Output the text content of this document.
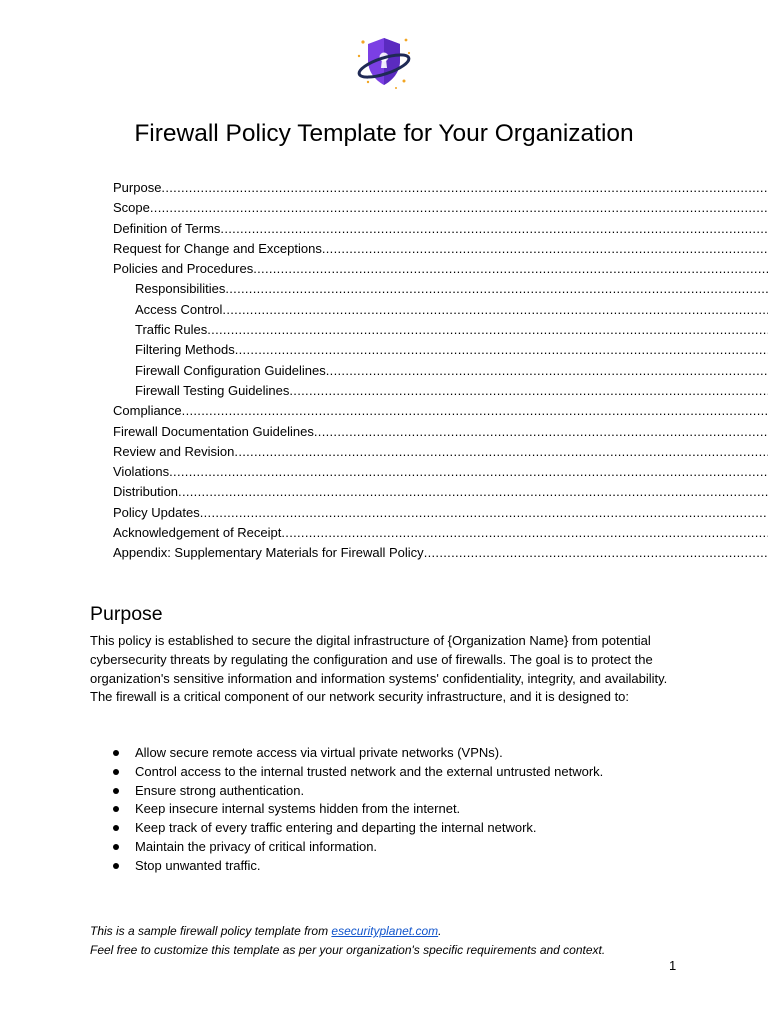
Firewall Policy Template for Your Organization
Purpose .....
Scope .....
Definition of Terms .....
Request for Change and Exceptions .....
Policies and Procedures .....
Responsibilities .....
Access Control .....
Traffic Rules .....
Filtering Methods .....
Firewall Configuration Guidelines .....
Firewall Testing Guidelines .....
Compliance .....
Firewall Documentation Guidelines .....
Review and Revision .....
Violations .....
Distribution .....
Policy Updates .....
Acknowledgement of Receipt .....
Appendix: Supplementary Materials for Firewall Policy .....
Purpose
This policy is established to secure the digital infrastructure of {Organization Name} from potential cybersecurity threats by regulating the configuration and use of firewalls. The goal is to protect the organization's sensitive information and information systems' confidentiality, integrity, and availability. The firewall is a critical component of our network security infrastructure, and it is designed to:
Allow secure remote access via virtual private networks (VPNs).
Control access to the internal trusted network and the external untrusted network.
Ensure strong authentication.
Keep insecure internal systems hidden from the internet.
Keep track of every traffic entering and departing the internal network.
Maintain the privacy of critical information.
Stop unwanted traffic.
This is a sample firewall policy template from esecurityplanet.com.
Feel free to customize this template as per your organization's specific requirements and context.
1
